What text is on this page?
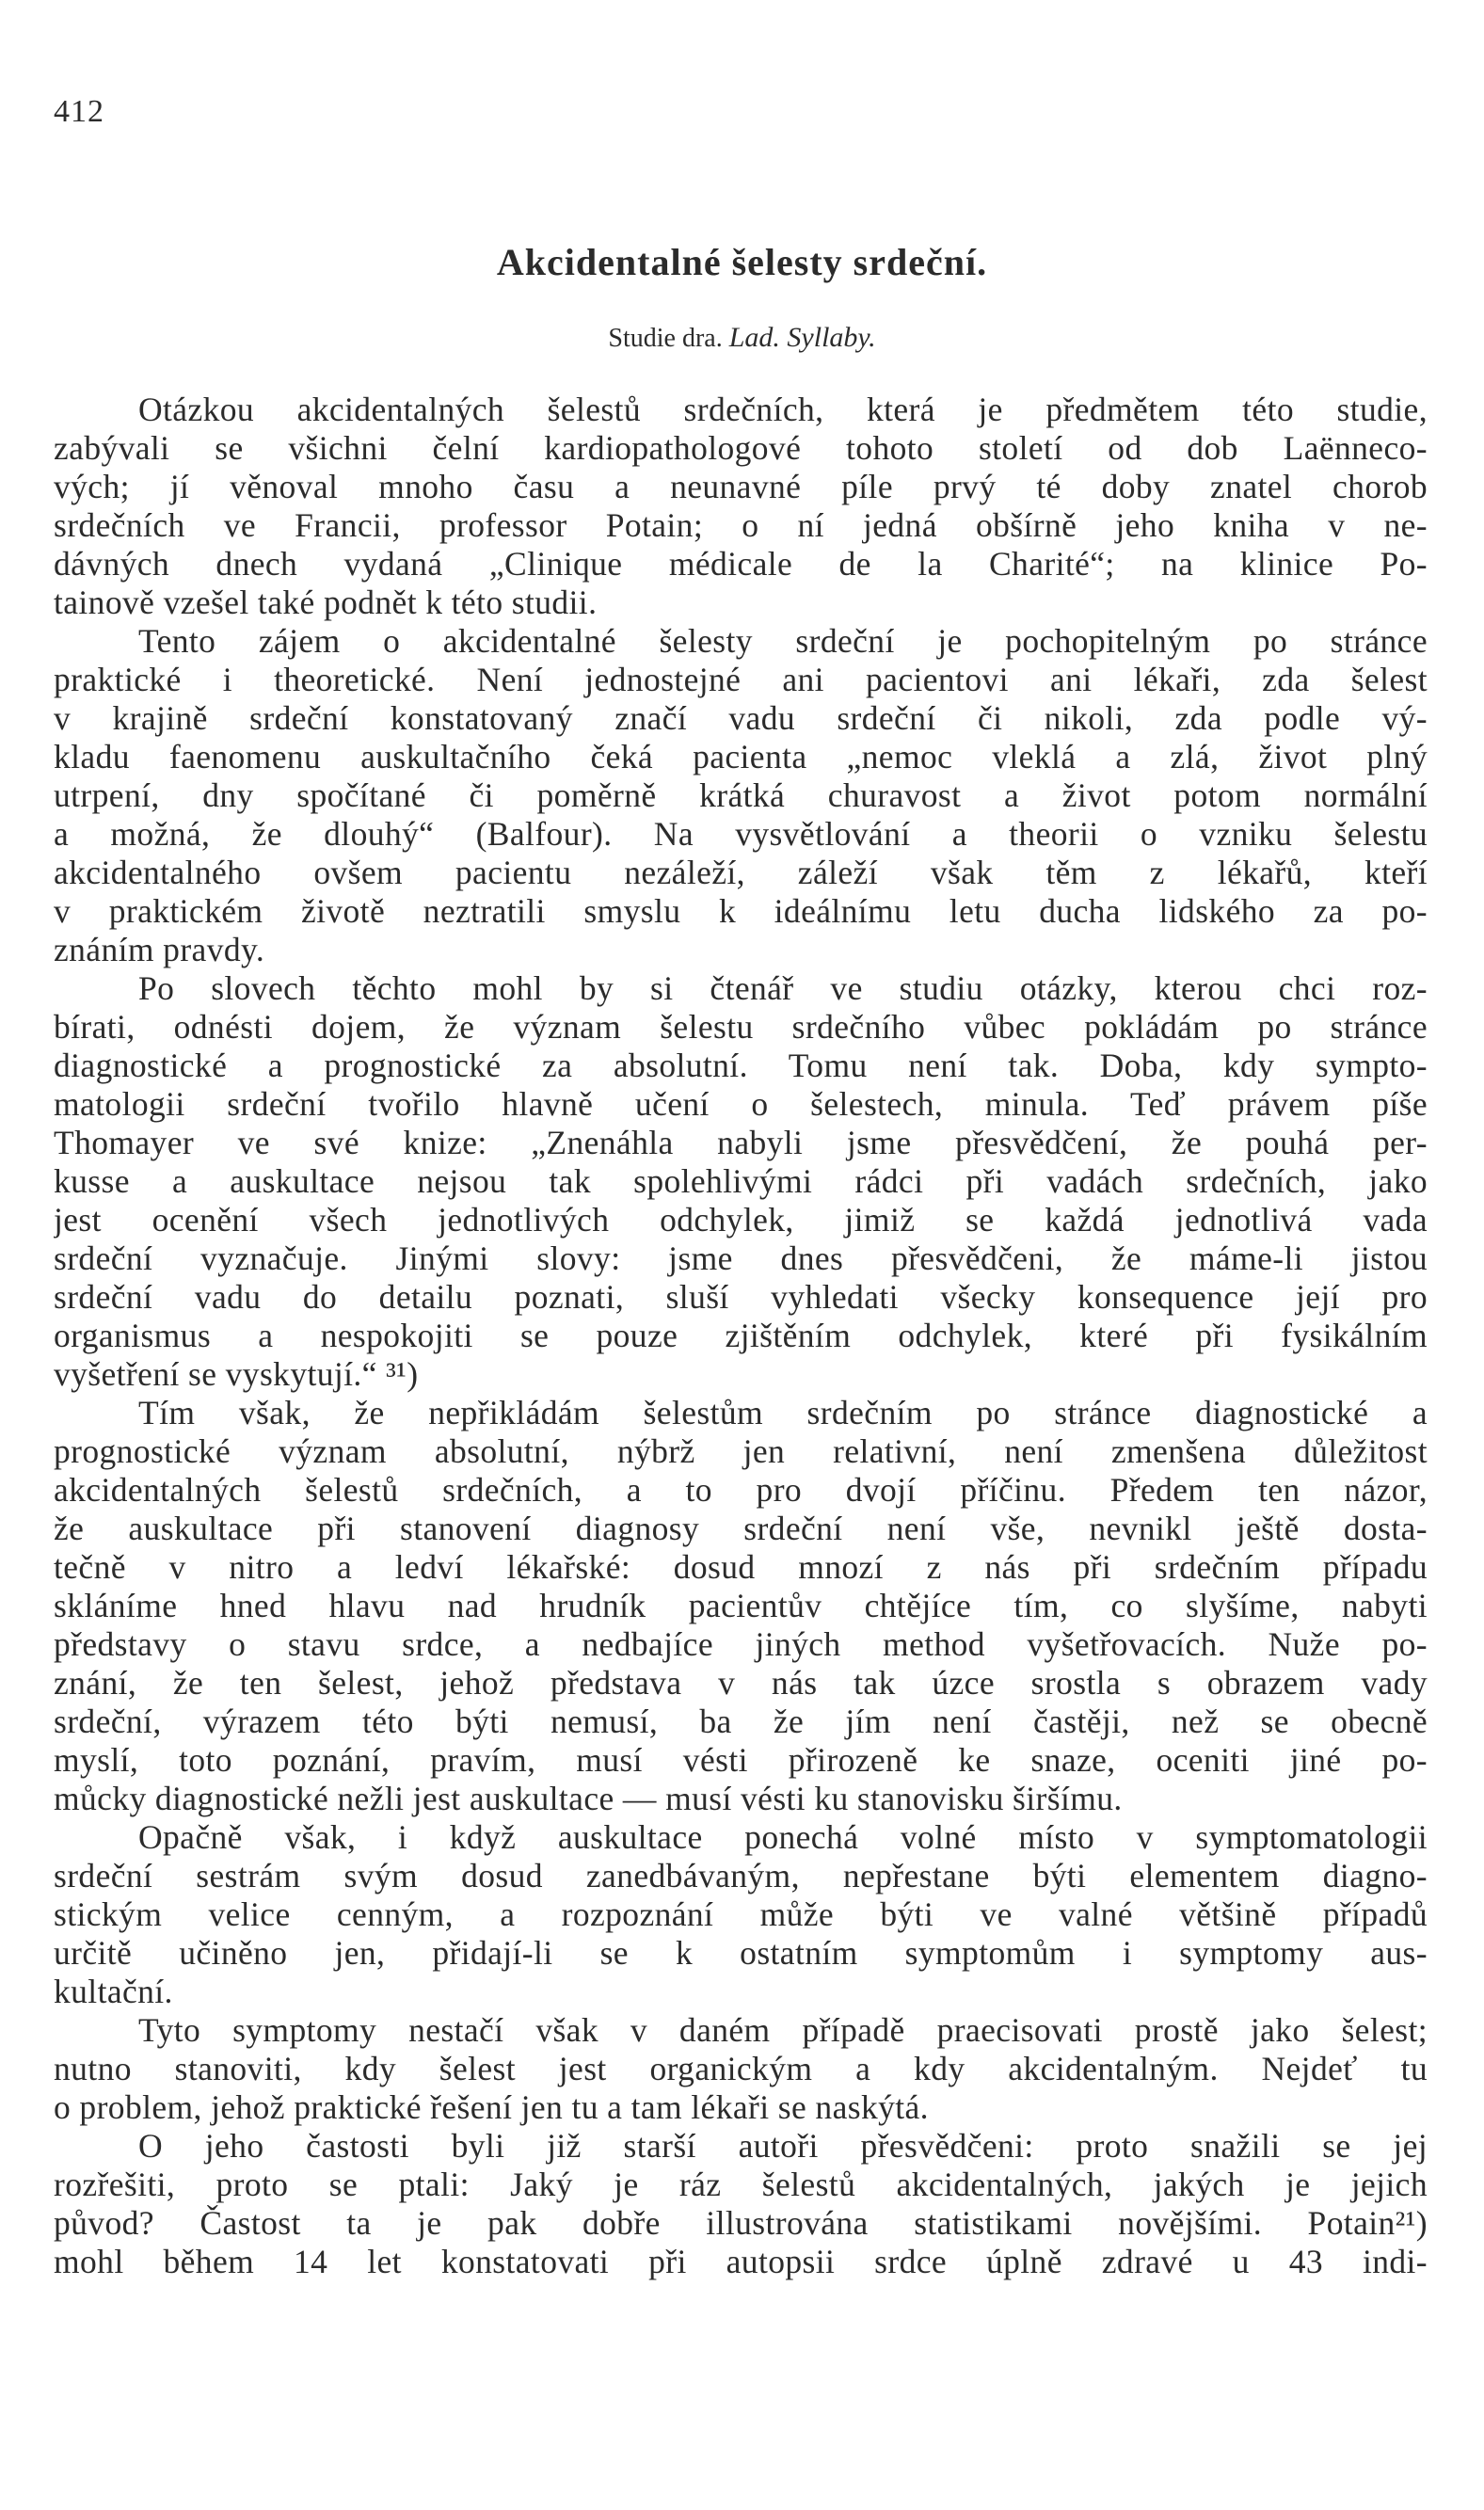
412
Akcidentalné šelesty srdeční.
Studie dra. Lad. Syllaby.
Otázkou akcidentalných šelestů srdečních, která je předmětem této studie,
zabývali se všichni čelní kardiopathologové tohoto století od dob Laënneco-
vých; jí věnoval mnoho času a neunavné píle prvý té doby znatel chorob
srdečních ve Francii, professor Potain; o ní jedná obšírně jeho kniha v ne-
dávných dnech vydaná „Clinique médicale de la Charité“; na klinice Po-
tainově vzešel také podnět k této studii.
Tento zájem o akcidentalné šelesty srdeční je pochopitelným po stránce
praktické i theoretické. Není jednostejné ani pacientovi ani lékaři, zda šelest
v krajině srdeční konstatovaný značí vadu srdeční či nikoli, zda podle vý-
kladu faenomenu auskultačního čeká pacienta „nemoc vleklá a zlá, život plný
utrpení, dny spočítané či poměrně krátká churavost a život potom normální
a možná, že dlouhý“ (Balfour). Na vysvětlování a theorii o vzniku šelestu
akcidentalného ovšem pacientu nezáleží, záleží však těm z lékařů, kteří
v praktickém životě neztratili smyslu k ideálnímu letu ducha lidského za po-
znáním pravdy.
Po slovech těchto mohl by si čtenář ve studiu otázky, kterou chci roz-
bírati, odnésti dojem, že význam šelestu srdečního vůbec pokládám po stránce
diagnostické a prognostické za absolutní. Tomu není tak. Doba, kdy sympto-
matologii srdeční tvořilo hlavně učení o šelestech, minula. Teď právem píše
Thomayer ve své knize: „Znenáhla nabyli jsme přesvědčení, že pouhá per-
kusse a auskultace nejsou tak spolehlivými rádci při vadách srdečních, jako
jest ocenění všech jednotlivých odchylek, jimiž se každá jednotlivá vada
srdeční vyznačuje. Jinými slovy: jsme dnes přesvědčeni, že máme-li jistou
srdeční vadu do detailu poznati, sluší vyhledati všecky konsequence její pro
organismus a nespokojiti se pouze zjištěním odchylek, které při fysikálním
vyšetření se vyskytují.“ ³¹)
Tím však, že nepřikládám šelestům srdečním po stránce diagnostické a
prognostické význam absolutní, nýbrž jen relativní, není zmenšena důležitost
akcidentalných šelestů srdečních, a to pro dvojí příčinu. Předem ten názor,
že auskultace při stanovení diagnosy srdeční není vše, nevnikl ještě dosta-
tečně v nitro a ledví lékařské: dosud mnozí z nás při srdečním případu
skláníme hned hlavu nad hrudník pacientův chtějíce tím, co slyšíme, nabyti
představy o stavu srdce, a nedbajíce jiných method vyšetřovacích. Nuže po-
znání, že ten šelest, jehož představa v nás tak úzce srostla s obrazem vady
srdeční, výrazem této býti nemusí, ba že jím není častěji, než se obecně
myslí, toto poznání, pravím, musí vésti přirozeně ke snaze, oceniti jiné po-
můcky diagnostické nežli jest auskultace — musí vésti ku stanovisku širšímu.
Opačně však, i když auskultace ponechá volné místo v symptomatologii
srdeční sestrám svým dosud zanedbávaným, nepřestane býti elementem diagno-
stickým velice cenným, a rozpoznání může býti ve valné většině případů
určitě učiněno jen, přidají-li se k ostatním symptomům i symptomy aus-
kultační.
Tyto symptomy nestačí však v daném případě praecisovati prostě jako šelest;
nutno stanoviti, kdy šelest jest organickým a kdy akcidentalným. Nejdeť tu
o problem, jehož praktické řešení jen tu a tam lékaři se naskýtá.
O jeho častosti byli již starší autoři přesvědčeni: proto snažili se jej
rozřešiti, proto se ptali: Jaký je ráz šelestů akcidentalných, jakých je jejich
původ? Častost ta je pak dobře illustrována statistikami novějšími. Potain²¹)
mohl během 14 let konstatovati při autopsii srdce úplně zdravé u 43 indi-
